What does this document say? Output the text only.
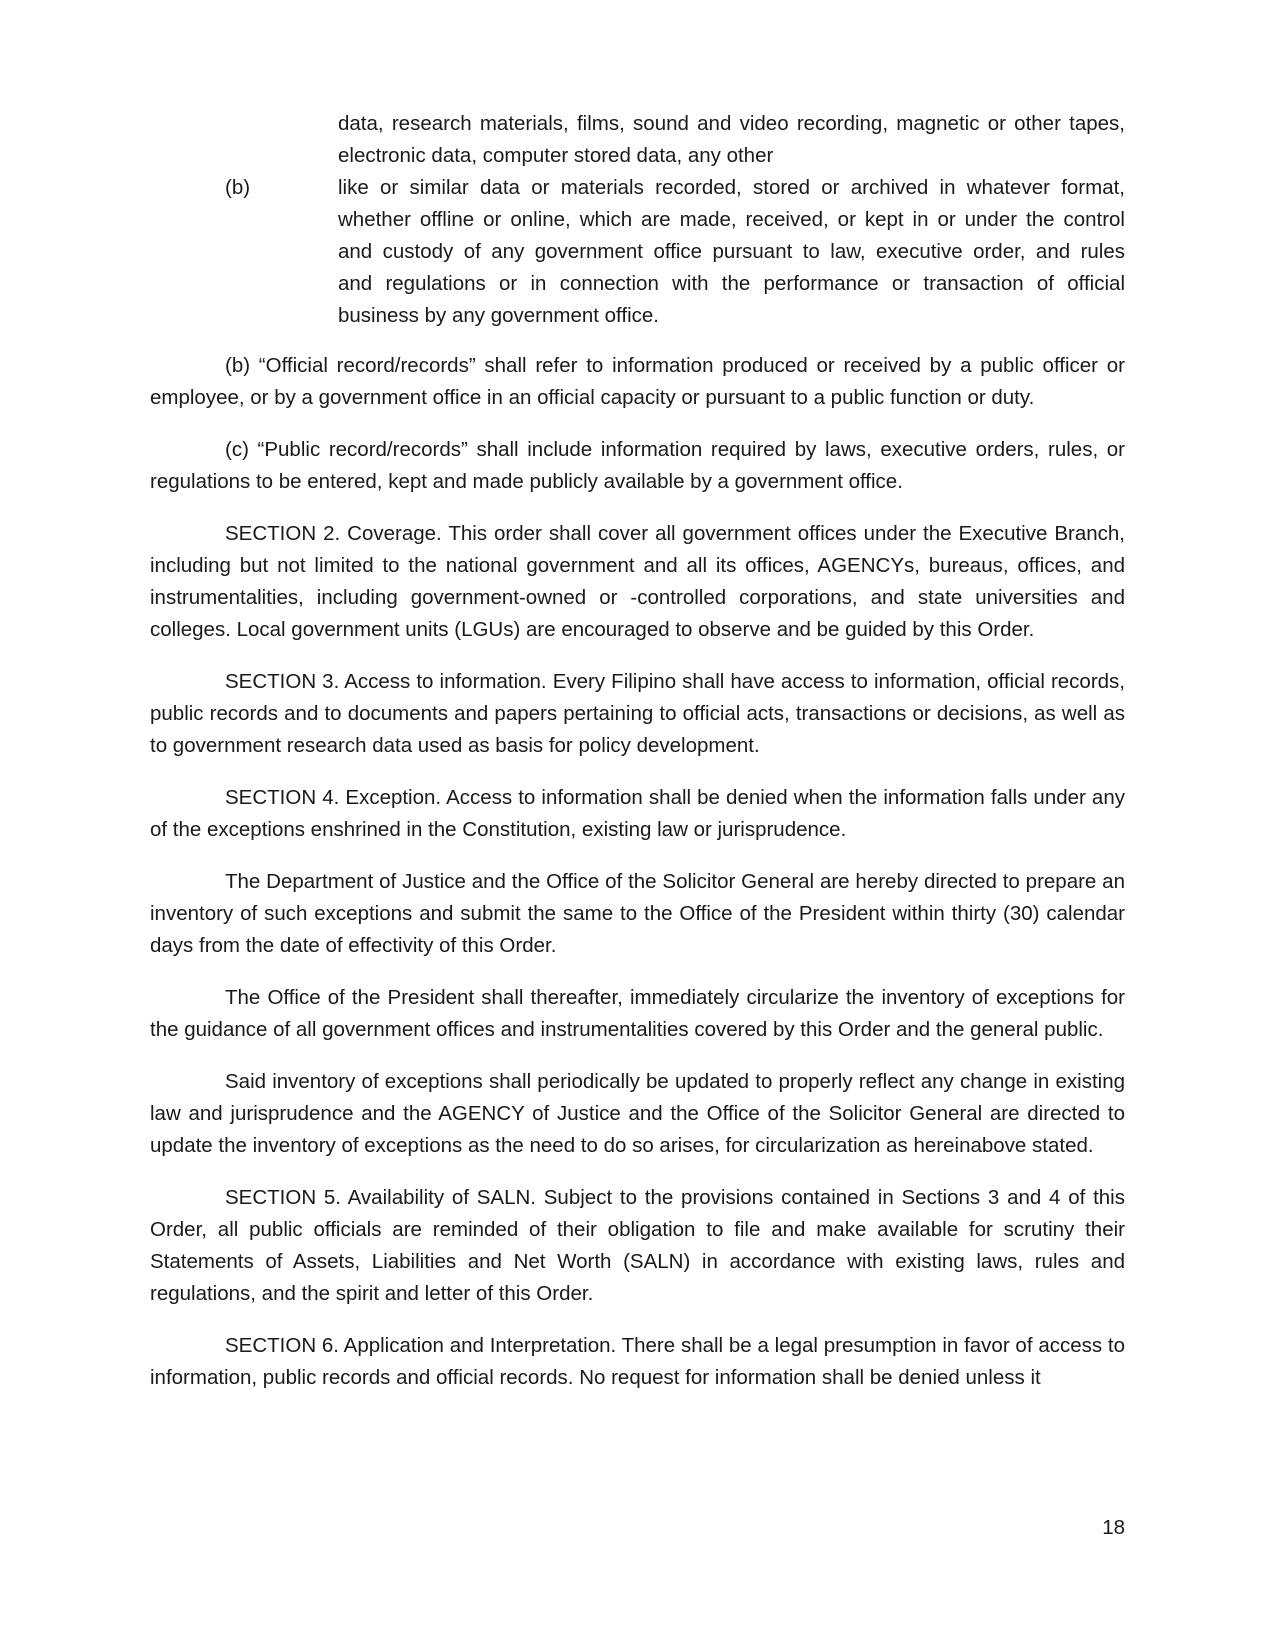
(b)
data, research materials, films, sound and video recording, magnetic or other tapes,
electronic data, computer stored data, any other
like or similar data or materials recorded, stored or archived in whatever format,
whether offline or online, which are made, received, or kept in or under the control
and custody of any government office pursuant to law, executive order, and rules
and regulations or in connection with the performance or transaction of official
business by any government office.

(b) “Official record/records” shall refer to information produced or received by a public officer or employee, or by a government office in an official capacity or pursuant to a public function or duty.

(c) “Public record/records” shall include information required by laws, executive orders, rules, or regulations to be entered, kept and made publicly available by a government office.

SECTION 2. Coverage. This order shall cover all government offices under the Executive Branch, including but not limited to the national government and all its offices, AGENCYs, bureaus, offices, and instrumentalities, including government-owned or -controlled corporations, and state universities and colleges. Local government units (LGUs) are encouraged to observe and be guided by this Order.

SECTION 3. Access to information. Every Filipino shall have access to information, official records, public records and to documents and papers pertaining to official acts, transactions or decisions, as well as to government research data used as basis for policy development.

SECTION 4. Exception. Access to information shall be denied when the information falls under any of the exceptions enshrined in the Constitution, existing law or jurisprudence.

The Department of Justice and the Office of the Solicitor General are hereby directed to prepare an inventory of such exceptions and submit the same to the Office of the President within thirty (30) calendar days from the date of effectivity of this Order.

The Office of the President shall thereafter, immediately circularize the inventory of exceptions for the guidance of all government offices and instrumentalities covered by this Order and the general public.

Said inventory of exceptions shall periodically be updated to properly reflect any change in existing law and jurisprudence and the AGENCY of Justice and the Office of the Solicitor General are directed to update the inventory of exceptions as the need to do so arises, for circularization as hereinabove stated.

SECTION 5. Availability of SALN. Subject to the provisions contained in Sections 3 and 4 of this Order, all public officials are reminded of their obligation to file and make available for scrutiny their Statements of Assets, Liabilities and Net Worth (SALN) in accordance with existing laws, rules and regulations, and the spirit and letter of this Order.

SECTION 6. Application and Interpretation. There shall be a legal presumption in favor of access to information, public records and official records. No request for information shall be denied unless it

18
